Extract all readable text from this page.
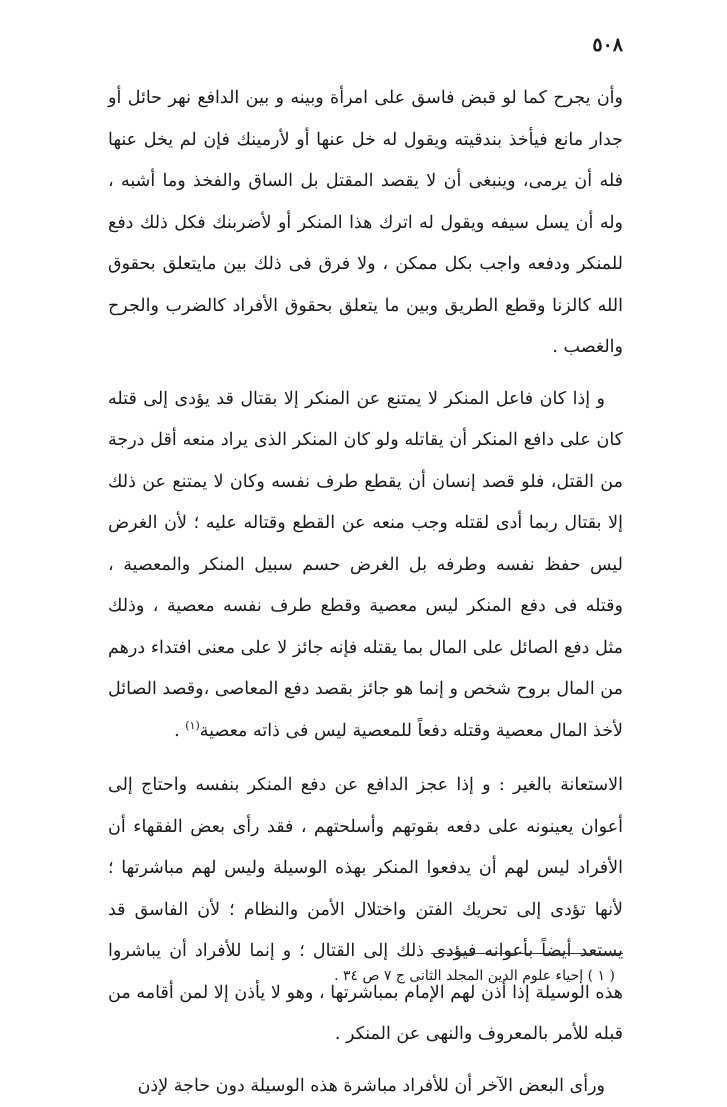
٥٠٨

وأن يجرح كما لو قبض فاسق على امرأة وبينه و بين الدافع نهر حائل أو جدار مانع فيأخذ بندقيته ويقول له خل عنها أو لأرمينك فإن لم يخل عنها فله أن يرمى، وينبغى أن لا يقصد المقتل بل الساق والفخذ وما أشبه ، وله أن يسل سيفه ويقول له اترك هذا المنكر أو لأضربنك فكل ذلك دفع للمنكر ودفعه واجب بكل ممكن ، ولا فرق فى ذلك بين مايتعلق بحقوق الله كالزنا وقطع الطريق وبين ما يتعلق بحقوق الأفراد كالضرب والجرح والغصب .

و إذا كان فاعل المنكر لا يمتنع عن المنكر إلا بقتال قد يؤدى إلى قتله كان على دافع المنكر أن يقاتله ولو كان المنكر الذى يراد منعه أقل درجة من القتل، فلو قصد إنسان أن يقطع طرف نفسه وكان لا يمتنع عن ذلك إلا بقتال ربما أدى لقتله وجب منعه عن القطع وقتاله عليه ؛ لأن الغرض ليس حفظ نفسه وطرفه بل الغرض حسم سبيل المنكر والمعصية ، وقتله فى دفع المنكر ليس معصية وقطع طرف نفسه معصية ، وذلك مثل دفع الصائل على المال بما يقتله فإنه جائز لا على معنى افتداء درهم من المال بروح شخص و إنما هو جائز بقصد دفع المعاصى ،وقصد الصائل لأخذ المال معصية وقتله دفعاً للمعصية ليس فى ذاته معصية$^{(١)}$ .

الاستعانة بالغير : و إذا عجز الدافع عن دفع المنكر بنفسه واحتاج إلى أعوان يعينونه على دفعه بقوتهم وأسلحتهم ، فقد رأى بعض الفقهاء أن الأفراد ليس لهم أن يدفعوا المنكر بهذه الوسيلة وليس لهم مباشرتها ؛ لأنها تؤدى إلى تحريك الفتن واختلال الأمن والنظام ؛ لأن الفاسق قد يستعد أيضاً بأعوانه فيؤدى ذلك إلى القتال ؛ و إنما للأفراد أن يباشروا هذه الوسيلة إذا أذن لهم الإمام بمباشرتها ، وهو لا يأذن إلا لمن أقامه من قبله للأمر بالمعروف والنهى عن المنكر .

ورأى البعض الآخر أن للأفراد مباشرة هذه الوسيلة دون حاجة لإذن

( ١ ) إحياء علوم الدين المجلد الثانى ج ٧ ص ٣٤ .
